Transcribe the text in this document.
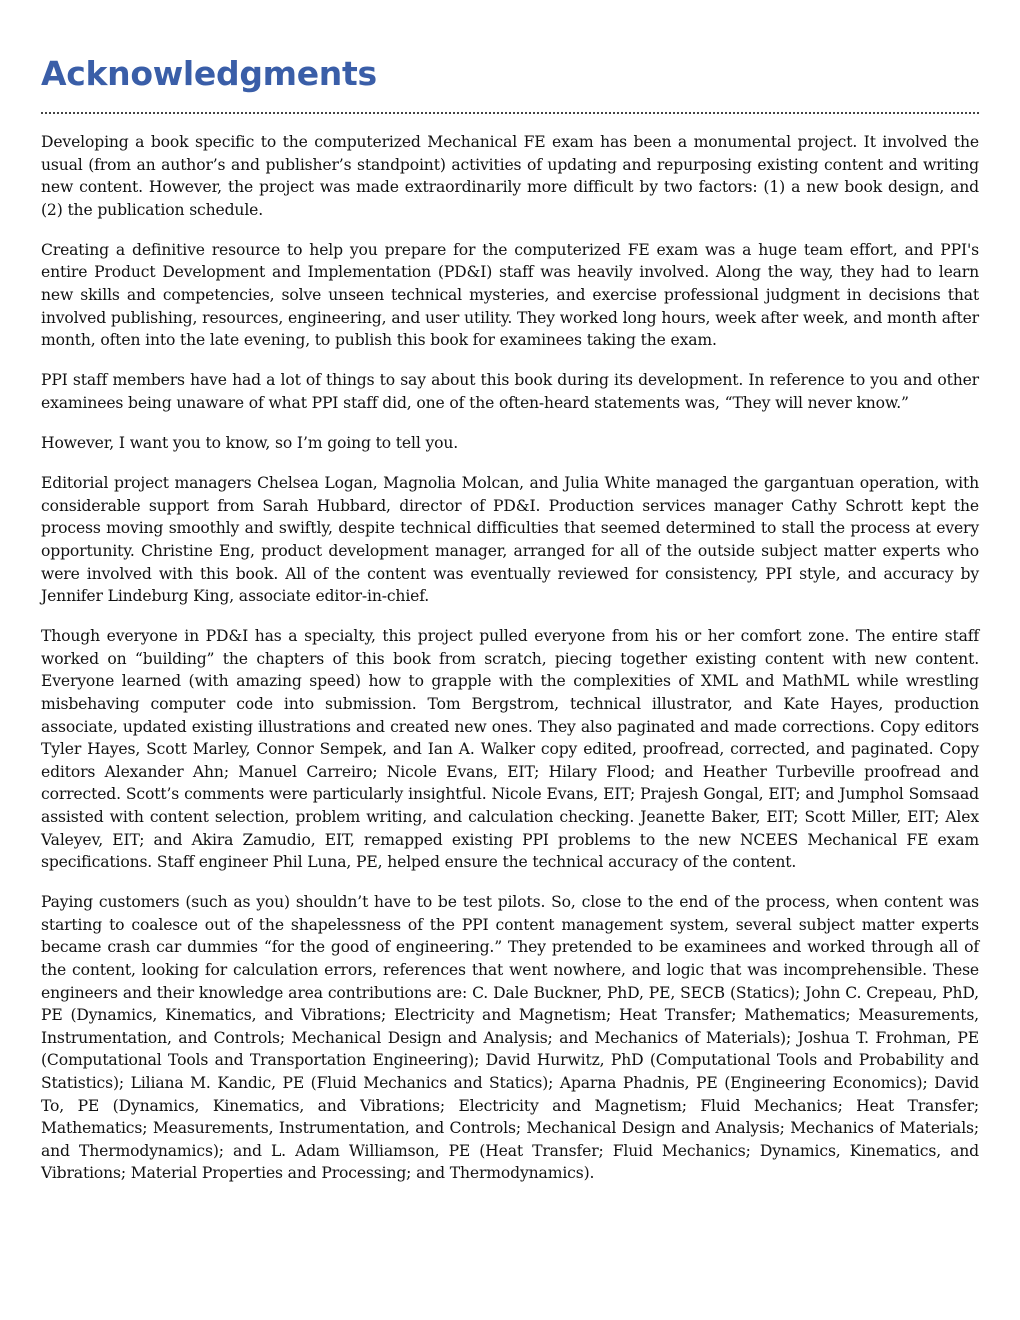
Acknowledgments

Developing a book specific to the computerized Mechanical FE exam has been a monumental project. It involved the usual (from an author’s and publisher’s standpoint) activities of updating and repurposing existing content and writing new content. However, the project was made extraordinarily more difficult by two factors: (1) a new book design, and (2) the publication schedule.

Creating a definitive resource to help you prepare for the computerized FE exam was a huge team effort, and PPI's entire Product Development and Implementation (PD&I) staff was heavily involved. Along the way, they had to learn new skills and competencies, solve unseen technical mysteries, and exercise professional judgment in decisions that involved publishing, resources, engineering, and user utility. They worked long hours, week after week, and month after month, often into the late evening, to publish this book for examinees taking the exam.

PPI staff members have had a lot of things to say about this book during its development. In reference to you and other examinees being unaware of what PPI staff did, one of the often-heard statements was, “They will never know.”

However, I want you to know, so I’m going to tell you.

Editorial project managers Chelsea Logan, Magnolia Molcan, and Julia White managed the gargantuan operation, with considerable support from Sarah Hubbard, director of PD&I. Production services manager Cathy Schrott kept the process moving smoothly and swiftly, despite technical difficulties that seemed determined to stall the process at every opportunity. Christine Eng, product development manager, arranged for all of the outside subject matter experts who were involved with this book. All of the content was eventually reviewed for consistency, PPI style, and accuracy by Jennifer Lindeburg King, associate editor-in-chief.

Though everyone in PD&I has a specialty, this project pulled everyone from his or her comfort zone. The entire staff worked on “building” the chapters of this book from scratch, piecing together existing content with new content. Everyone learned (with amazing speed) how to grapple with the complexities of XML and MathML while wrestling misbehaving computer code into submission. Tom Bergstrom, technical illustrator, and Kate Hayes, production associate, updated existing illustrations and created new ones. They also paginated and made corrections. Copy editors Tyler Hayes, Scott Marley, Connor Sempek, and Ian A. Walker copy edited, proofread, corrected, and paginated. Copy editors Alexander Ahn; Manuel Carreiro; Nicole Evans, EIT; Hilary Flood; and Heather Turbeville proofread and corrected. Scott’s comments were particularly insightful. Nicole Evans, EIT; Prajesh Gongal, EIT; and Jumphol Somsaad assisted with content selection, problem writing, and calculation checking. Jeanette Baker, EIT; Scott Miller, EIT; Alex Valeyev, EIT; and Akira Zamudio, EIT, remapped existing PPI problems to the new NCEES Mechanical FE exam specifications. Staff engineer Phil Luna, PE, helped ensure the technical accuracy of the content.

Paying customers (such as you) shouldn’t have to be test pilots. So, close to the end of the process, when content was starting to coalesce out of the shapelessness of the PPI content management system, several subject matter experts became crash car dummies “for the good of engineering.” They pretended to be examinees and worked through all of the content, looking for calculation errors, references that went nowhere, and logic that was incomprehensible. These engineers and their knowledge area contributions are: C. Dale Buckner, PhD, PE, SECB (Statics); John C. Crepeau, PhD, PE (Dynamics, Kinematics, and Vibrations; Electricity and Magnetism; Heat Transfer; Mathematics; Measurements, Instrumentation, and Controls; Mechanical Design and Analysis; and Mechanics of Materials); Joshua T. Frohman, PE (Computational Tools and Transportation Engineering); David Hurwitz, PhD (Computational Tools and Probability and Statistics); Liliana M. Kandic, PE (Fluid Mechanics and Statics); Aparna Phadnis, PE (Engineering Economics); David To, PE (Dynamics, Kinematics, and Vibrations; Electricity and Magnetism; Fluid Mechanics; Heat Transfer; Mathematics; Measurements, Instrumentation, and Controls; Mechanical Design and Analysis; Mechanics of Materials; and Thermodynamics); and L. Adam Williamson, PE (Heat Transfer; Fluid Mechanics; Dynamics, Kinematics, and Vibrations; Material Properties and Processing; and Thermodynamics).
